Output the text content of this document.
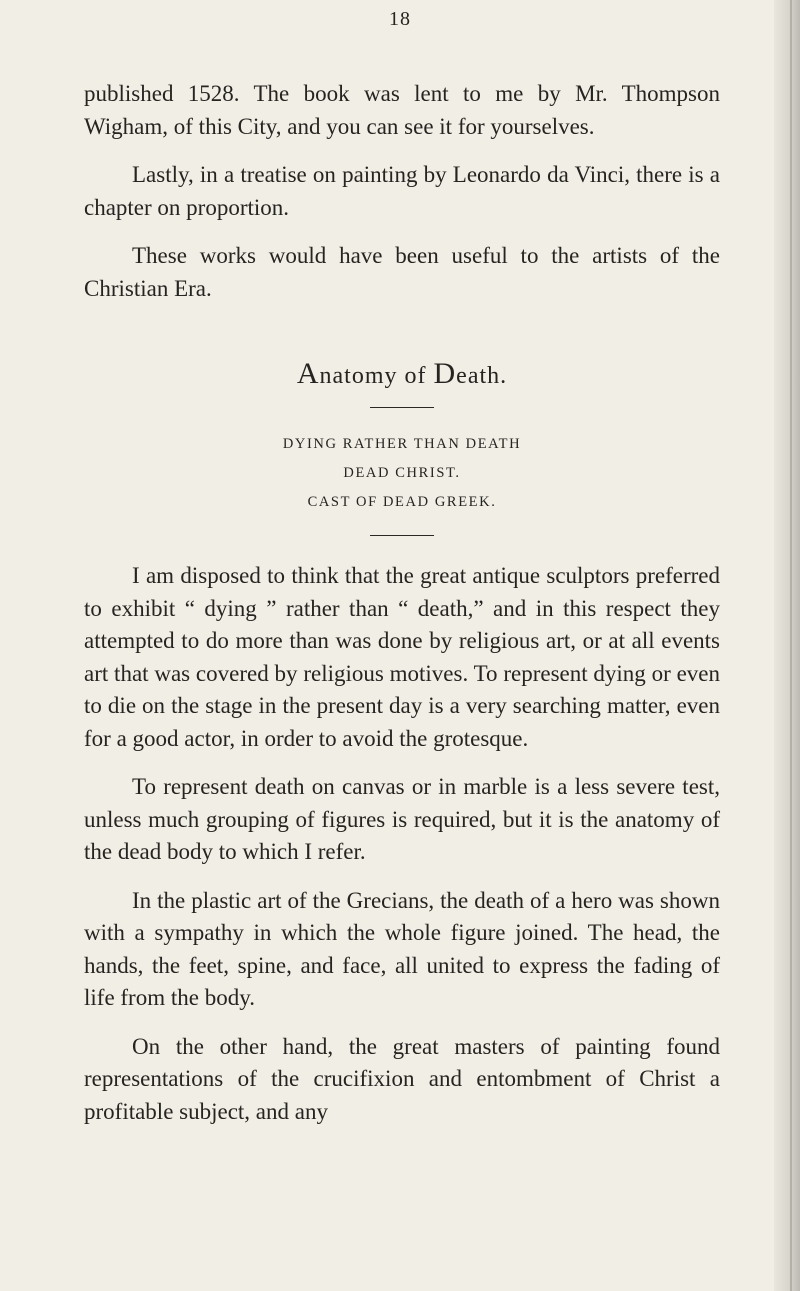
18

published 1528. The book was lent to me by Mr. Thompson Wigham, of this City, and you can see it for yourselves.

Lastly, in a treatise on painting by Leonardo da Vinci, there is a chapter on proportion.

These works would have been useful to the artists of the Christian Era.

Anatomy of Death.
DYING RATHER THAN DEATH
DEAD CHRIST.
CAST OF DEAD GREEK.

I am disposed to think that the great antique sculptors preferred to exhibit “ dying ” rather than “ death,” and in this respect they attempted to do more than was done by religious art, or at all events art that was covered by religious motives. To represent dying or even to die on the stage in the present day is a very searching matter, even for a good actor, in order to avoid the grotesque.

To represent death on canvas or in marble is a less severe test, unless much grouping of figures is required, but it is the anatomy of the dead body to which I refer.

In the plastic art of the Grecians, the death of a hero was shown with a sympathy in which the whole figure joined. The head, the hands, the feet, spine, and face, all united to express the fading of life from the body.

On the other hand, the great masters of painting found representations of the crucifixion and entombment of Christ a profitable subject, and any
